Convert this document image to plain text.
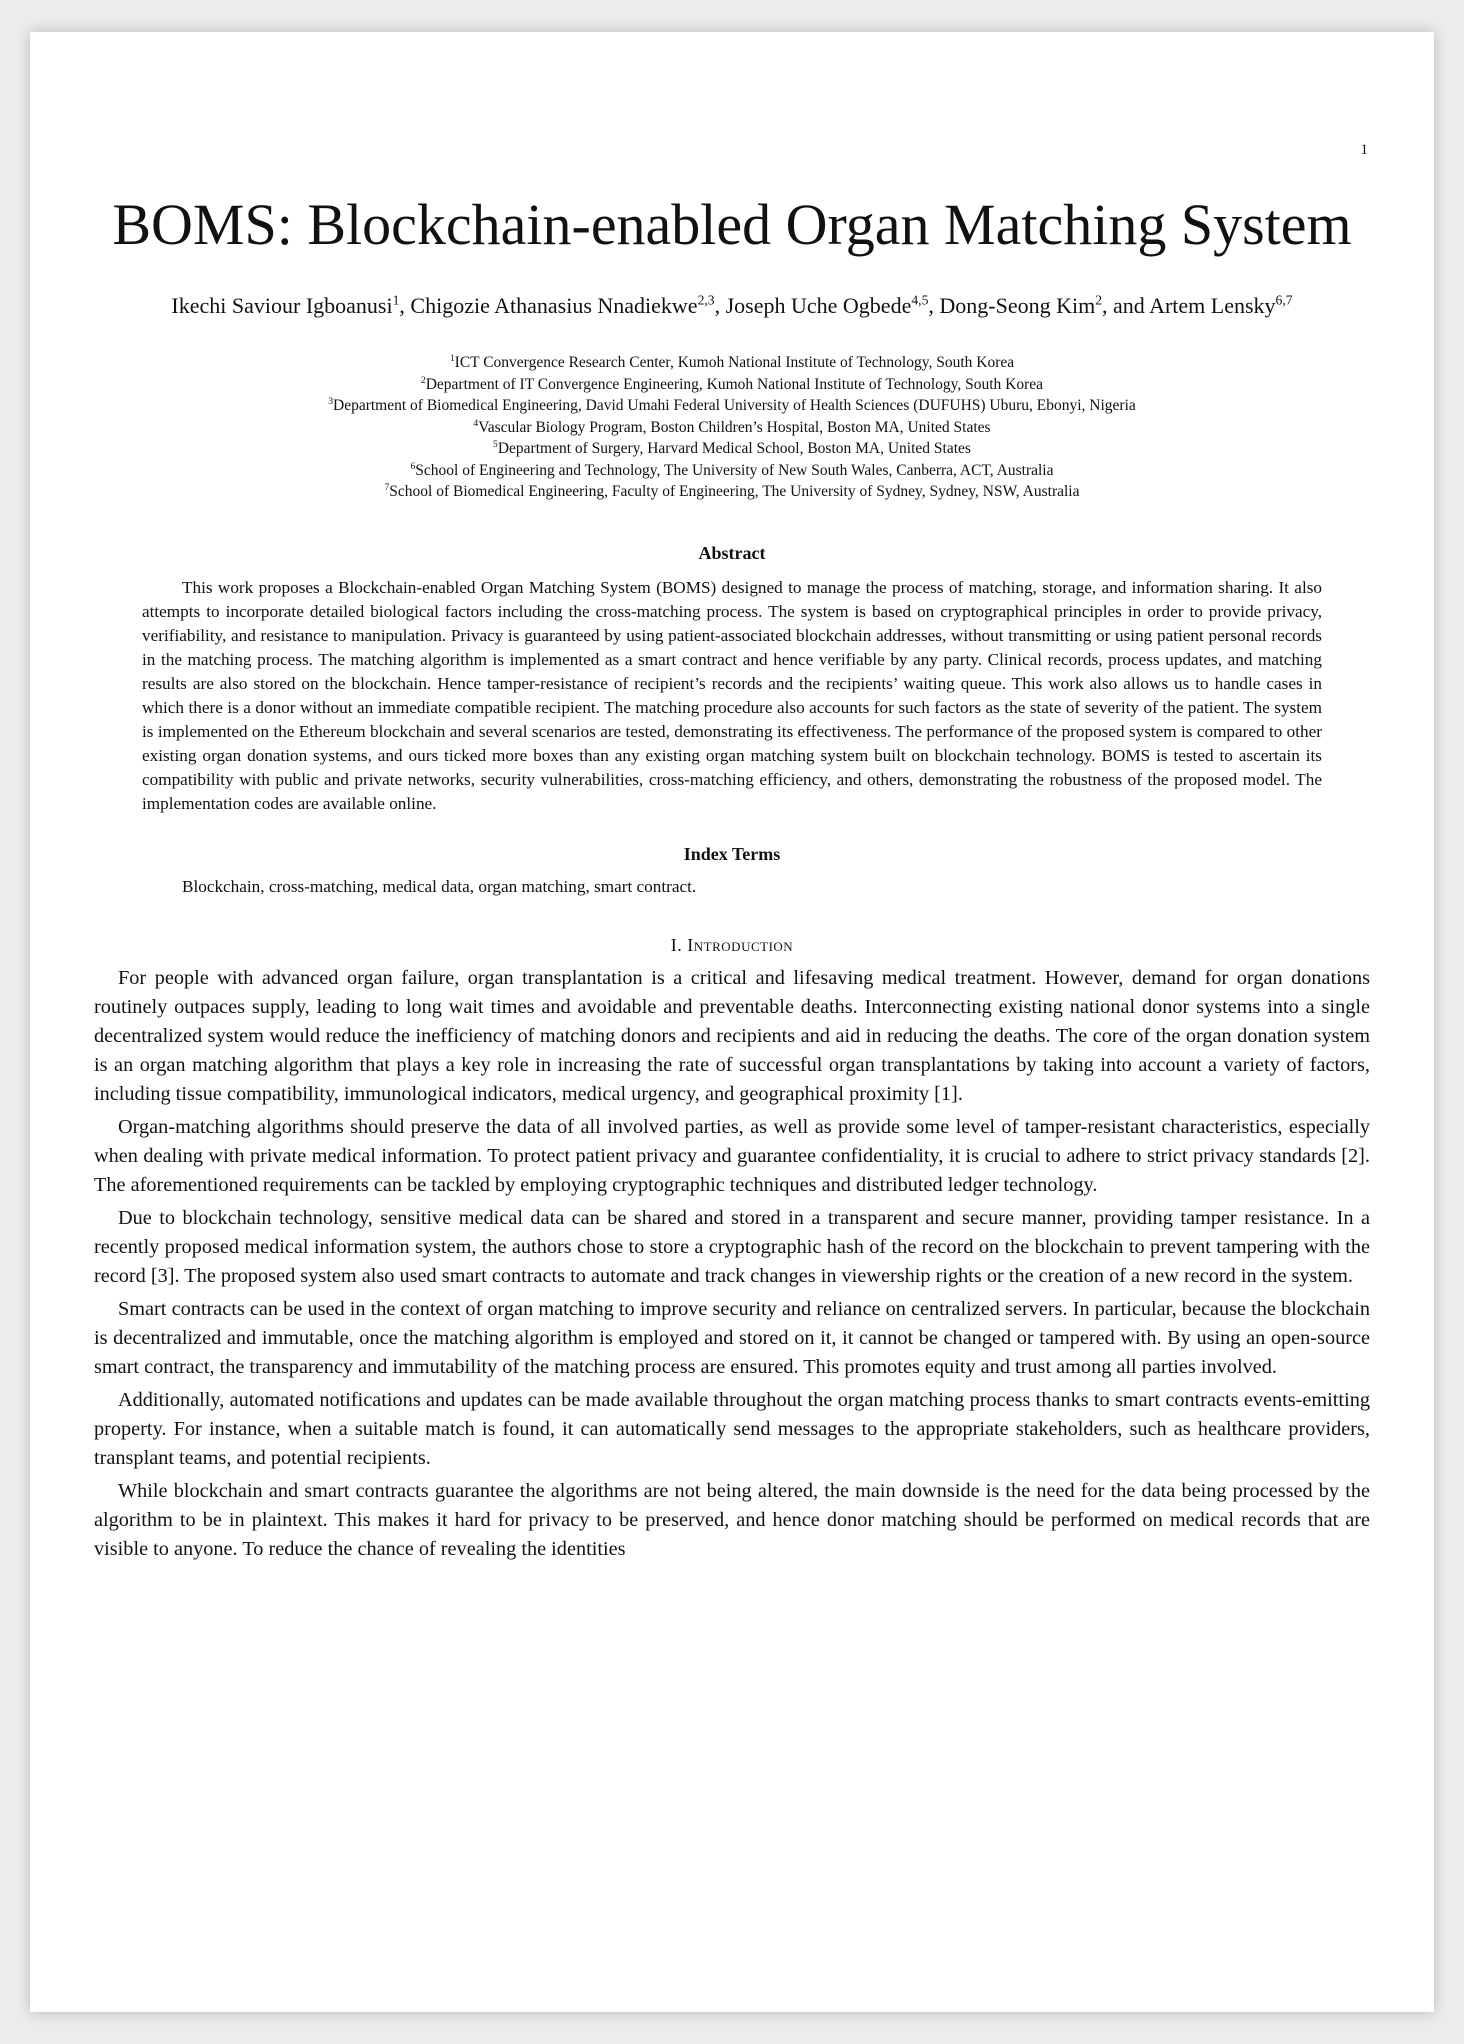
1
BOMS: Blockchain-enabled Organ Matching System
Ikechi Saviour Igboanusi$^1$, Chigozie Athanasius Nnadiekwe$^{2,3}$, Joseph Uche Ogbede$^{4,5}$, Dong-Seong Kim$^2$, and Artem Lensky$^{6,7}$
$^1$ICT Convergence Research Center, Kumoh National Institute of Technology, South Korea
$^2$Department of IT Convergence Engineering, Kumoh National Institute of Technology, South Korea
$^3$Department of Biomedical Engineering, David Umahi Federal University of Health Sciences (DUFUHS) Uburu, Ebonyi, Nigeria
$^4$Vascular Biology Program, Boston Children’s Hospital, Boston MA, United States
$^5$Department of Surgery, Harvard Medical School, Boston MA, United States
$^6$School of Engineering and Technology, The University of New South Wales, Canberra, ACT, Australia
$^7$School of Biomedical Engineering, Faculty of Engineering, The University of Sydney, Sydney, NSW, Australia
Abstract

This work proposes a Blockchain-enabled Organ Matching System (BOMS) designed to manage the process of matching, storage, and information sharing. It also attempts to incorporate detailed biological factors including the cross-matching process. The system is based on cryptographical principles in order to provide privacy, verifiability, and resistance to manipulation. Privacy is guaranteed by using patient-associated blockchain addresses, without transmitting or using patient personal records in the matching process. The matching algorithm is implemented as a smart contract and hence verifiable by any party. Clinical records, process updates, and matching results are also stored on the blockchain. Hence tamper-resistance of recipient’s records and the recipients’ waiting queue. This work also allows us to handle cases in which there is a donor without an immediate compatible recipient. The matching procedure also accounts for such factors as the state of severity of the patient. The system is implemented on the Ethereum blockchain and several scenarios are tested, demonstrating its effectiveness. The performance of the proposed system is compared to other existing organ donation systems, and ours ticked more boxes than any existing organ matching system built on blockchain technology. BOMS is tested to ascertain its compatibility with public and private networks, security vulnerabilities, cross-matching efficiency, and others, demonstrating the robustness of the proposed model. The implementation codes are available online.

Index Terms

Blockchain, cross-matching, medical data, organ matching, smart contract.

I. Introduction

For people with advanced organ failure, organ transplantation is a critical and lifesaving medical treatment. However, demand for organ donations routinely outpaces supply, leading to long wait times and avoidable and preventable deaths. Interconnecting existing national donor systems into a single decentralized system would reduce the inefficiency of matching donors and recipients and aid in reducing the deaths. The core of the organ donation system is an organ matching algorithm that plays a key role in increasing the rate of successful organ transplantations by taking into account a variety of factors, including tissue compatibility, immunological indicators, medical urgency, and geographical proximity [1].

Organ-matching algorithms should preserve the data of all involved parties, as well as provide some level of tamper-resistant characteristics, especially when dealing with private medical information. To protect patient privacy and guarantee confidentiality, it is crucial to adhere to strict privacy standards [2]. The aforementioned requirements can be tackled by employing cryptographic techniques and distributed ledger technology.

Due to blockchain technology, sensitive medical data can be shared and stored in a transparent and secure manner, providing tamper resistance. In a recently proposed medical information system, the authors chose to store a cryptographic hash of the record on the blockchain to prevent tampering with the record [3]. The proposed system also used smart contracts to automate and track changes in viewership rights or the creation of a new record in the system.

Smart contracts can be used in the context of organ matching to improve security and reliance on centralized servers. In particular, because the blockchain is decentralized and immutable, once the matching algorithm is employed and stored on it, it cannot be changed or tampered with. By using an open-source smart contract, the transparency and immutability of the matching process are ensured. This promotes equity and trust among all parties involved.

Additionally, automated notifications and updates can be made available throughout the organ matching process thanks to smart contracts events-emitting property. For instance, when a suitable match is found, it can automatically send messages to the appropriate stakeholders, such as healthcare providers, transplant teams, and potential recipients.

While blockchain and smart contracts guarantee the algorithms are not being altered, the main downside is the need for the data being processed by the algorithm to be in plaintext. This makes it hard for privacy to be preserved, and hence donor matching should be performed on medical records that are visible to anyone. To reduce the chance of revealing the identities
